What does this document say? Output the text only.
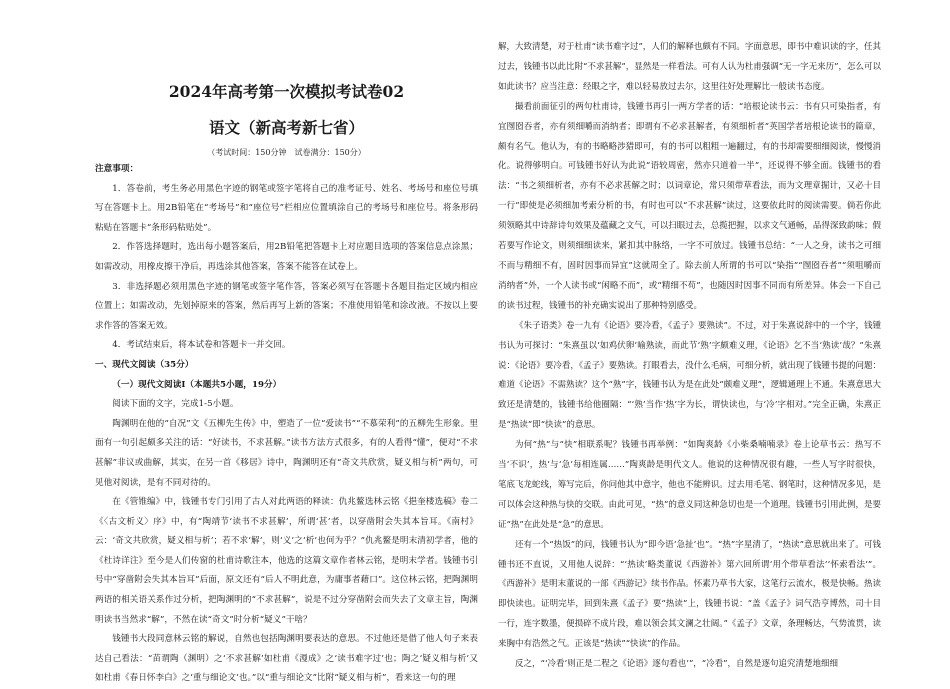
2024年高考第一次模拟考试卷02
语文（新高考新七省）
（考试时间：150分钟　试卷满分：150分）

注意事项：

1．答卷前，考生务必用黑色字迹的钢笔或签字笔将自己的准考证号、姓名、考场号和座位号填写在答题卡上。用2B铅笔在“考场号”和“座位号”栏相应位置填涂自己的考场号和座位号。将条形码粘贴在答题卡“条形码粘贴处”。

2．作答选择题时，选出每小题答案后，用2B铅笔把答题卡上对应题目选项的答案信息点涂黑；如需改动，用橡皮擦干净后，再选涂其他答案，答案不能答在试卷上。

3．非选择题必须用黑色字迹的钢笔或签字笔作答，答案必须写在答题卡各题目指定区域内相应位置上；如需改动，先划掉原来的答案，然后再写上新的答案；不准使用铅笔和涂改液。不按以上要求作答的答案无效。

4．考试结束后，将本试卷和答题卡一并交回。

一、现代文阅读（35分）

（一）现代文阅读Ⅰ（本题共5小题，19分）

阅读下面的文字，完成1-5小题。

陶渊明在他的“自况”文《五柳先生传》中，塑造了一位“爱读书”“不慕荣利”的五柳先生形象。里面有一句引起颇多关注的话：“好读书，不求甚解。”读书方法方式很多，有的人看得“懂”，便对“不求甚解”非议或曲解，其实，在另一首《移居》诗中，陶渊明还有“奇文共欣赏，疑义相与析”两句，可见他对阅读，是有不同对待的。

在《管锥编》中，钱锺书专门引用了古人对此两语的释读：仇兆鳌选林云铭《挹奎楼选稿》卷二《〈古文析义〉序》中，有“陶靖节‘读书不求甚解’，所谓‘甚’者，以穿凿附会失其本旨耳。《南村》云：‘奇文共欣赏，疑义相与析’；若不求‘解’，则‘义’之‘析’也何为乎？”仇兆鳌是明末清初学者，他的《杜诗详注》至今是人们传窗的杜甫诗歌注本，他选的这篇文章作者林云铭，是明末学者。钱锺书引号中“穿凿附会失其本旨耳”后面，原文还有“后人不明此意，为庸事者藉口”。这位林云铭，把陶渊明两语的相关语关系作过分析，把陶渊明的“不求甚解”，说是不过分穿凿附会而失去了文章主旨，陶渊明读书当然求“解”，不然在读“奇文”时分析“疑义”干啥？

钱锺书大段同意林云铭的解说，自然也包括陶渊明要表达的意思。不过他还是借了他人句子来表达自己看法：“苗谓陶（渊明）之‘不求甚解’如杜甫《漫成》之‘读书难字过’也；陶之‘疑义相与析’又如杜甫《春日怀李白》之‘重与细论文’也。”以“重与细论文”比附“疑义相与析”，看来这一句的理

解，大致清楚，对于杜甫“读书难字过”，人们的解释也颇有不同。字面意思，即书中难识读的字，任其过去，钱锺书以此比附“不求甚解”，显然是一样看法。可有人认为杜甫强调“无一字无来历”，怎么可以如此读书？应当注意：经眼之字，难以轻易放过去尔，这里往好处理解比一般读书态度。

撮看前面征引的两句杜甫诗，钱锺书再引一两方学者的话：“培根论读书云：书有只可染指者，有宜囫囵吞者，亦有须细嚼而消纳者；即谓有不必求甚解者，有须细析者”英国学者培根论读书的篇章，颇有名气。他认为，有的书略略涉猎即可，有的书可以粗粗一遍翻过，有的书却需要细细阅读，慢慢消化。说得够明白。可钱锺书好认为此说“语较周密，然亦只道着一半”，还说得不够全面。钱锺书的看法：“书之须细析者，亦有不必求甚解之时；以词章论，常只须带草看法，而为文理章掘计，又必十目一行”即使是必须细加考索分析的书，有时也可以“不求甚解”读过，这要依此时的阅读需要。倘若你此须领略其中诗辞诗句效果及蕴藏之文气，可以扫眼过去，总揽把握，以求文气通畅，品得深致韵味；假若要写作论文，则须细细读来，紧扣其中脉络，一字不可放过。钱锺书总结：“一人之身，读书之可细不而与精细不有，固时因事而异宜”这就周全了。除去前人所谓的书可以“染指”“囫囵吞者”“须咀嚼而消纳者”外，一个人读书或“闲略不而”，或“精细不苟”，也随因时因事不同而有所差异。体会一下自己的读书过程，钱锺书的补充确实说出了那种特别感受。

《朱子语类》卷一九有《论语》要冷看，《孟子》要熟读”。不过，对于朱熹说辞中的一个字，钱锺书认为可探讨：“朱熹虽以‘如鸡伏卵’喻熟读，而此节‘熟’字颇难义理，《论语》乞不当‘熟读’哉？”朱熹说：《论语》要冷看，《孟子》要熟读。打眼看去，没什么毛病，可细分析，就出现了钱锺书提的问题：难道《论语》不需熟读？这个“熟”字，钱锺书认为是在此处“颇难义理”，逻辑通理上不通。朱熹意思大致还是清楚的，钱锺书给他圈隔：“‘熟’当作‘热’字为长，谓快读也，与‘冷’字相对。”完全正确，朱熹正是“热读”即“快读”的意思。

为何“热”与“快”相联系呢？钱锺书再举例：“如陶爽龄《小柴桑喃喃录》卷上论草书云：热写不当‘不识’，热‘与‘急’每相连属……”陶爽龄是明代文人。他说的这种情况很有趣，一些人写字时很快，笔底飞龙蛇线，筹写完后，你问他其中意字，他也不能辨识。过去用毛笔、钢笔时，这种情况多见，是可以体会这种热与快的交联。由此可见，“热”的意义同这种急切也是一个道理。钱锺书引用此例，是要证“热”在此处是“急”的意思。

还有一个“热饭”的问，钱锺书认为“即今语‘急扯’也”。“热”字星清了，“热读”意思就出来了。可钱锺书还不直说，又用他人说辞：“‘热读’略类董说《西游补》第六回所谓‘用个带草看法’‘怀索看法’”。《西游补》是明末董说的一部《西游记》续书作品。怀素乃草书大家，这笔行云流水，极是快畅。热读即快读也。证明完毕，回到朱熹《孟子》要“热读”上，钱锺书说：“盖《孟子》词气浩亨博然，司十目一行，连字数墨，便损碎不成片段，难以领会其文澜之壮阔。”《孟子》文章，条理畅达，气势流贯，读来胸中有浩然之气。正该是“热读”“快读”的作品。

反之，“‘冷看’则正是二程之《论语》逐句看也’”，“冷看”，自然是逐句追究清楚地细细
